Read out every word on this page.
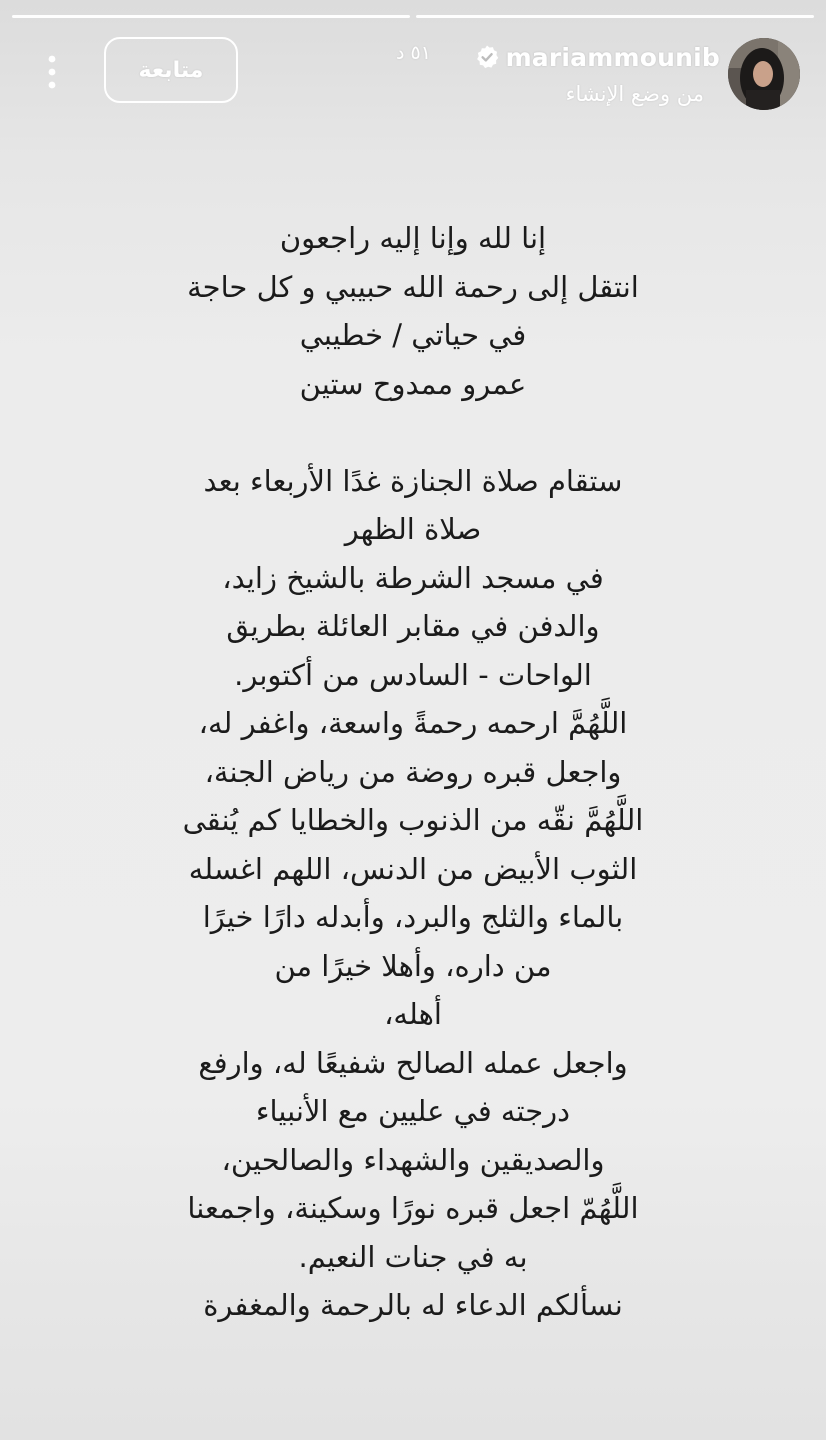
mariammounib
من وضع الإنشاء
٥١ د
متابعة
إنا لله وإنا إليه راجعون
انتقل إلى رحمة الله حبيبي و كل حاجة
في حياتي / خطيبي
عمرو ممدوح ستين
ستقام صلاة الجنازة غدًا الأربعاء بعد
صلاة الظهر
في مسجد الشرطة بالشيخ زايد،
والدفن في مقابر العائلة بطريق
الواحات - السادس من أكتوبر.
اللَّهُمَّ ارحمه رحمةً واسعة، واغفر له،
واجعل قبره روضة من رياض الجنة،
اللَّهُمَّ نقّه من الذنوب والخطايا كم يُنقى
الثوب الأبيض من الدنس، اللهم اغسله
بالماء والثلج والبرد، وأبدله دارًا خيرًا
من داره، وأهلا خيرًا من
أهله،
واجعل عمله الصالح شفيعًا له، وارفع
درجته في عليين مع الأنبياء
والصديقين والشهداء والصالحين،
اللَّهُمّ اجعل قبره نورًا وسكينة، واجمعنا
به في جنات النعيم.
نسألكم الدعاء له بالرحمة والمغفرة
